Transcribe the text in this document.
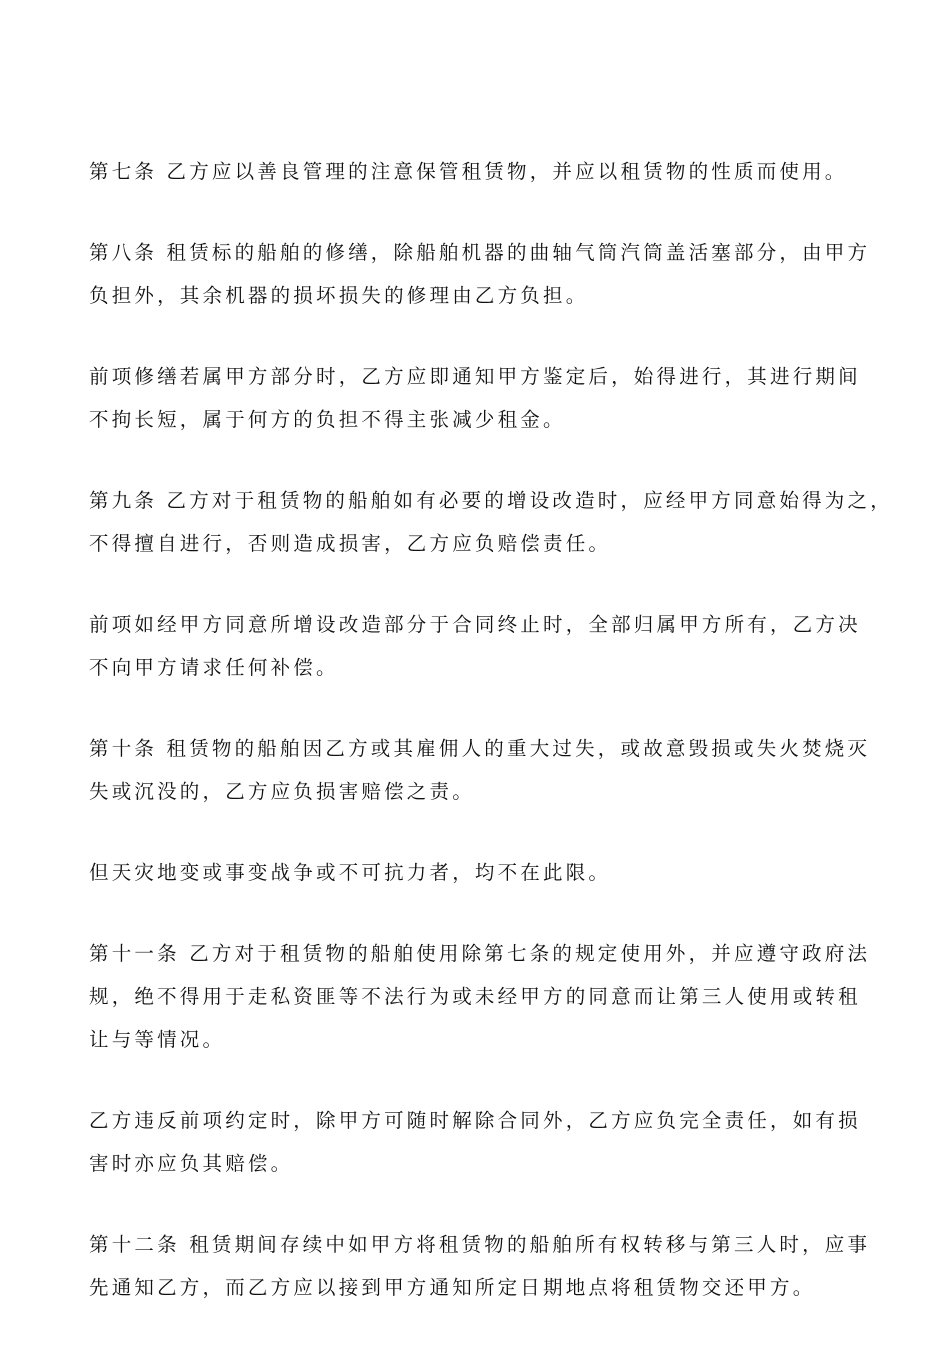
第七条 乙方应以善良管理的注意保管租赁物，并应以租赁物的性质而使用。

第八条 租赁标的船舶的修缮，除船舶机器的曲轴气筒汽筒盖活塞部分，由甲方
负担外，其余机器的损坏损失的修理由乙方负担。

前项修缮若属甲方部分时，乙方应即通知甲方鉴定后，始得进行，其进行期间
不拘长短，属于何方的负担不得主张减少租金。

第九条 乙方对于租赁物的船舶如有必要的增设改造时，应经甲方同意始得为之，
不得擅自进行，否则造成损害，乙方应负赔偿责任。

前项如经甲方同意所增设改造部分于合同终止时，全部归属甲方所有，乙方决
不向甲方请求任何补偿。

第十条 租赁物的船舶因乙方或其雇佣人的重大过失，或故意毁损或失火焚烧灭
失或沉没的，乙方应负损害赔偿之责。

但天灾地变或事变战争或不可抗力者，均不在此限。

第十一条 乙方对于租赁物的船舶使用除第七条的规定使用外，并应遵守政府法
规，绝不得用于走私资匪等不法行为或未经甲方的同意而让第三人使用或转租
让与等情况。

乙方违反前项约定时，除甲方可随时解除合同外，乙方应负完全责任，如有损
害时亦应负其赔偿。

第十二条 租赁期间存续中如甲方将租赁物的船舶所有权转移与第三人时，应事
先通知乙方，而乙方应以接到甲方通知所定日期地点将租赁物交还甲方。
